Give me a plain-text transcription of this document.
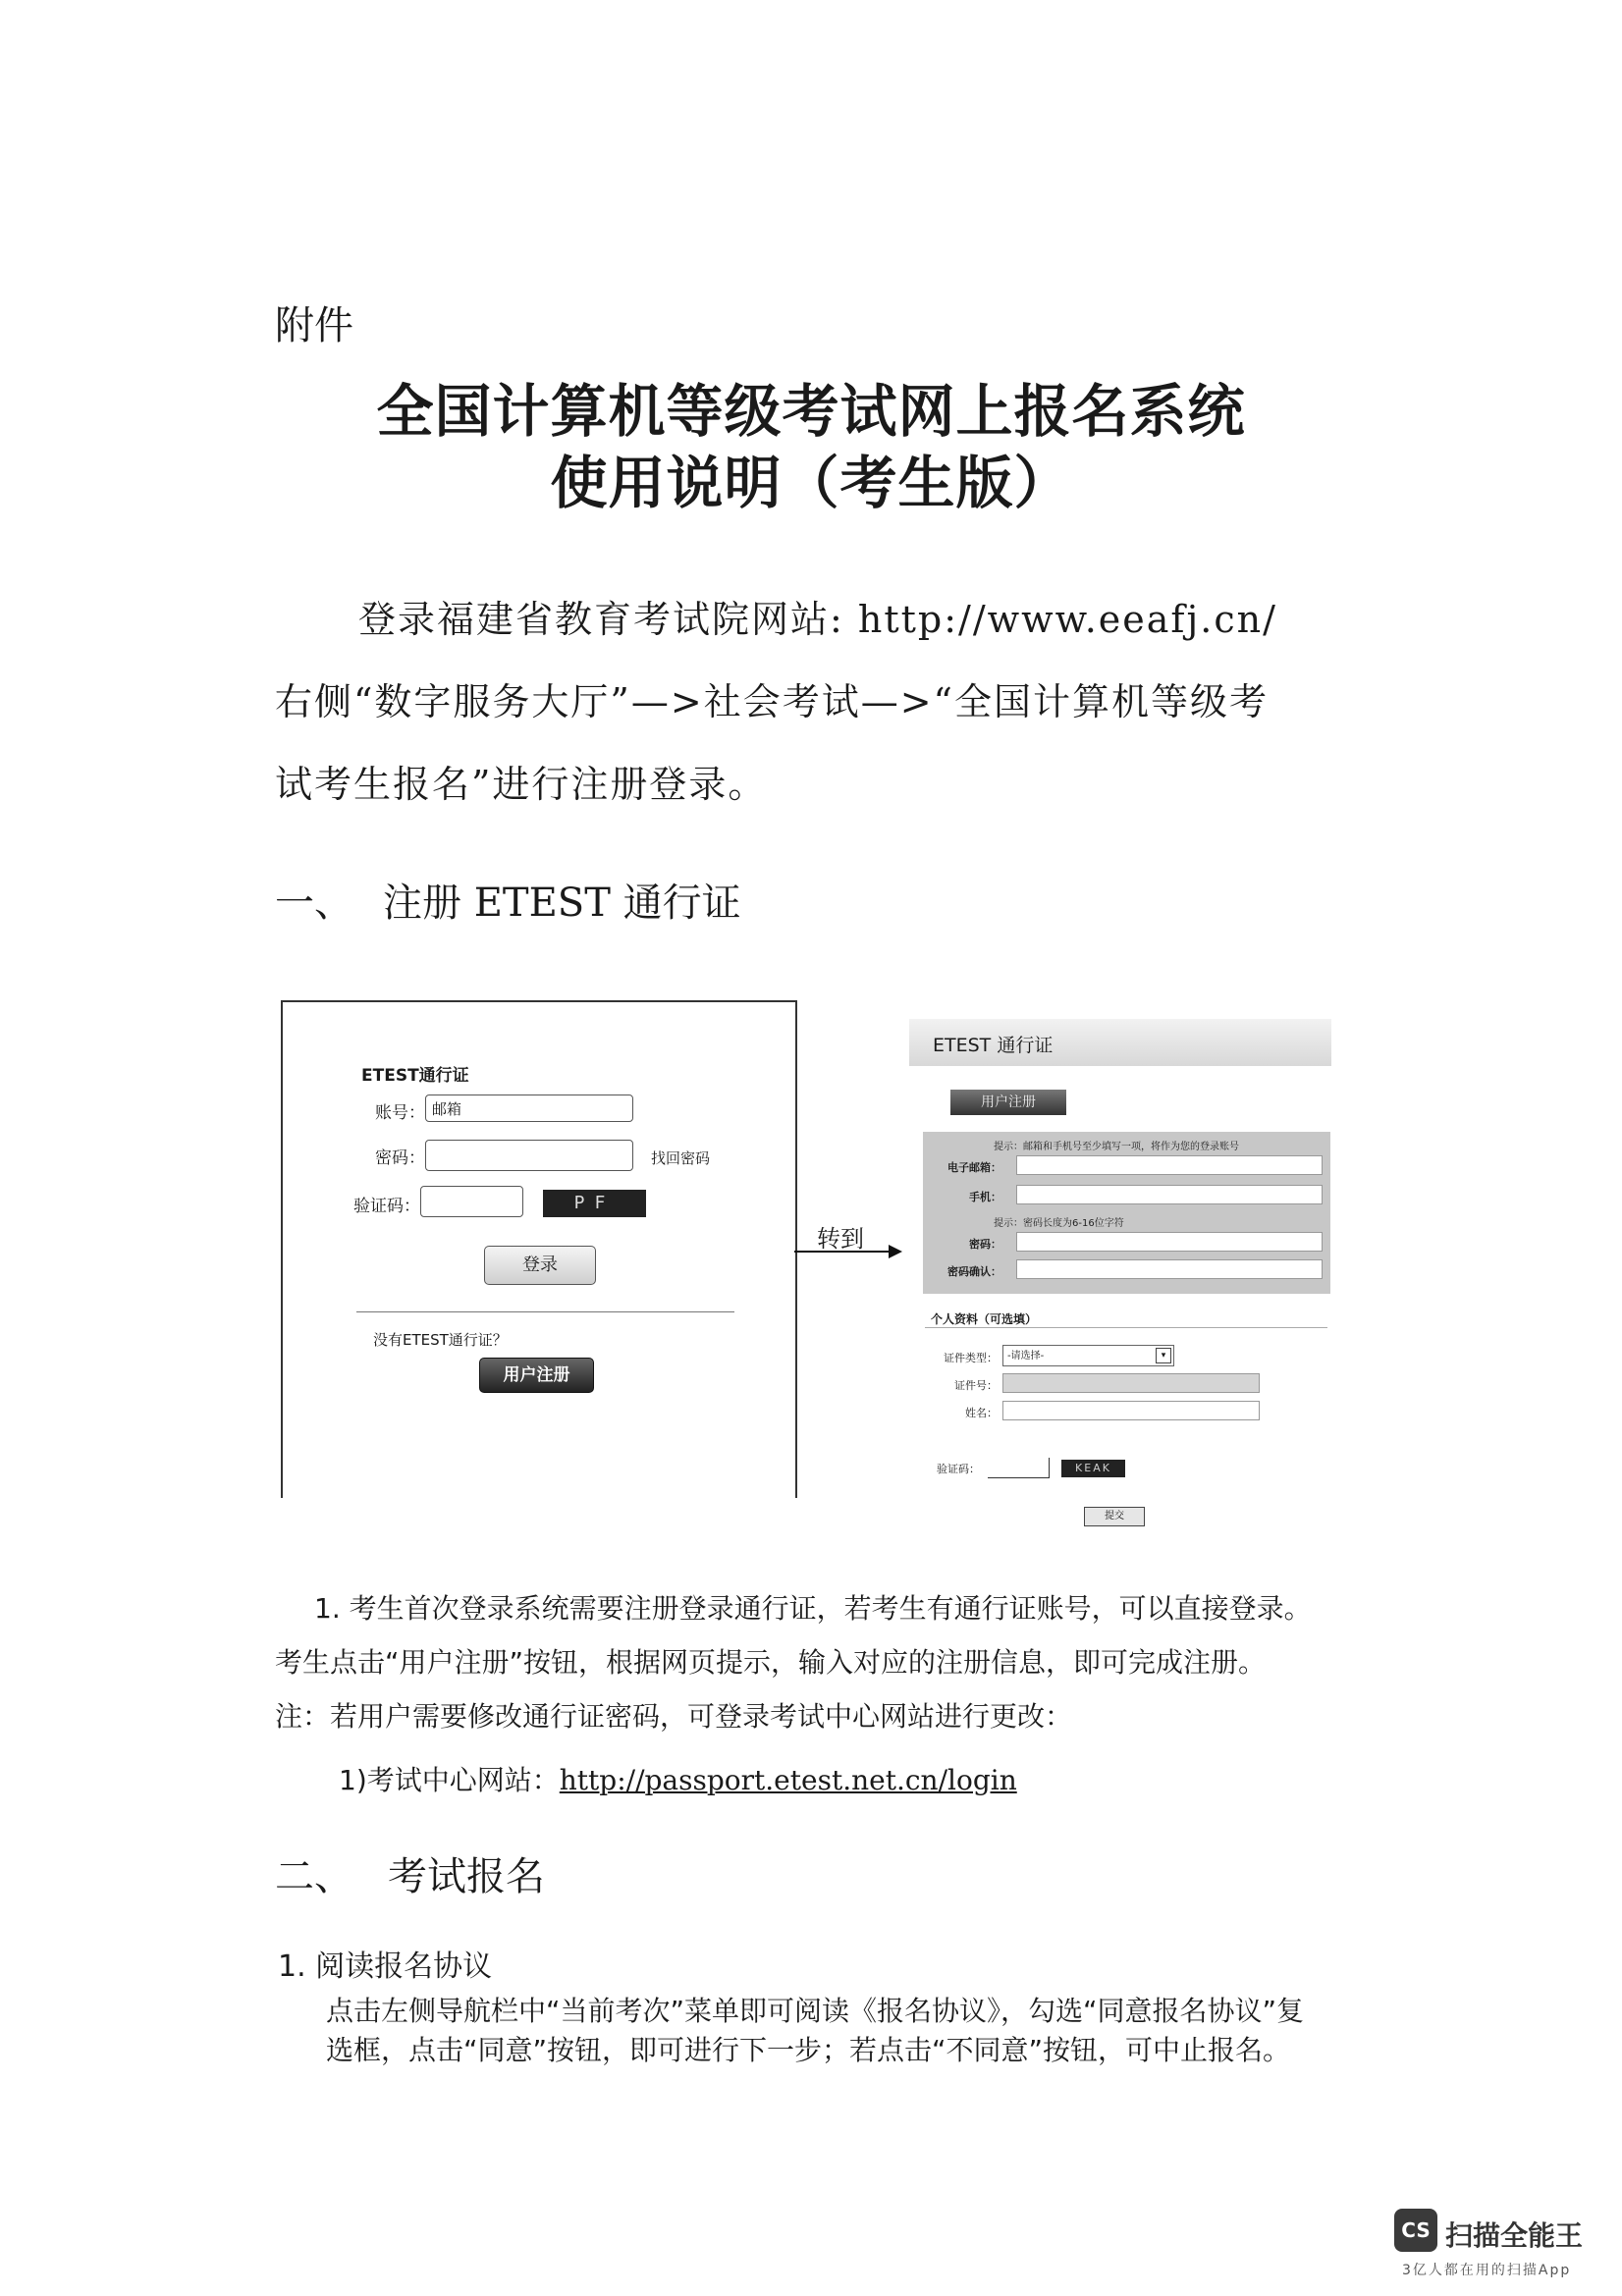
附件
全国计算机等级考试网上报名系统
使用说明（考生版）
登录福建省教育考试院网站: http://www.eeafj.cn/
右侧“数字服务大厅”—>社会考试—>“全国计算机等级考
试考生报名”进行注册登录。
一、 注册 ETEST 通行证
ETEST通行证
账号： 邮箱
密码：	找回密码
验证码：	PF
登录
没有ETEST通行证？
用户注册
转到
ETEST 通行证
用户注册
提示：邮箱和手机号至少填写一项，将作为您的登录账号
电子邮箱：
手机：
提示：密码长度为6-16位字符
密码：
密码确认：
个人资料（可选填）
证件类型：	-请选择-	▾
证件号：
姓名：
验证码：	KEAK
提交
1. 考生首次登录系统需要注册登录通行证，若考生有通行证账号，可以直接登录。
考生点击“用户注册”按钮，根据网页提示，输入对应的注册信息，即可完成注册。
注：若用户需要修改通行证密码，可登录考试中心网站进行更改：
1)考试中心网站：http://passport.etest.net.cn/login
二、 考试报名
1. 阅读报名协议
点击左侧导航栏中“当前考次”菜单即可阅读《报名协议》，勾选“同意报名协议”复
选框，点击“同意”按钮，即可进行下一步；若点击“不同意”按钮，可中止报名。
CS 扫描全能王
3亿人都在用的扫描App
